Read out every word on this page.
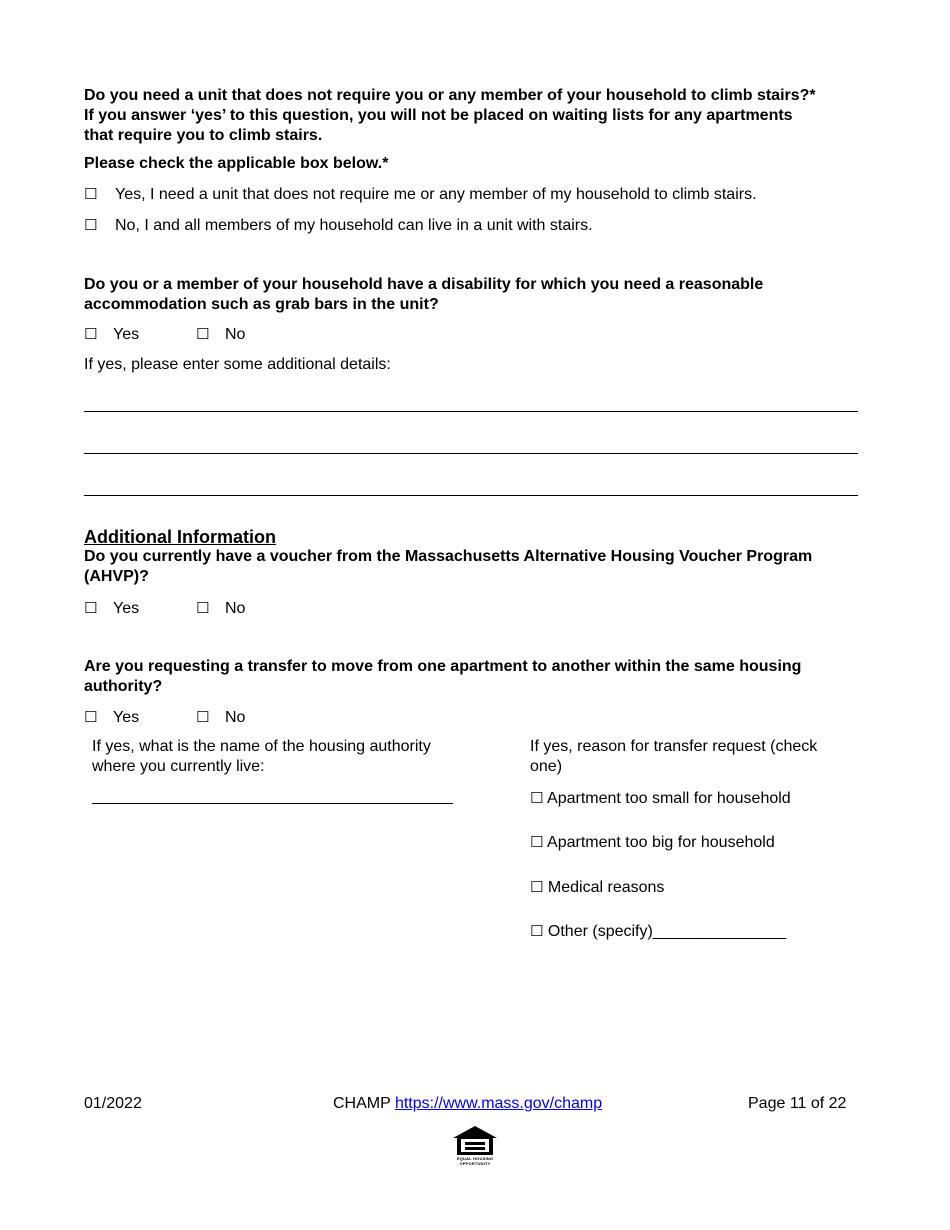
Do you need a unit that does not require you or any member of your household to climb stairs?*
If you answer ‘yes’ to this question, you will not be placed on waiting lists for any apartments
that require you to climb stairs.
Please check the applicable box below.*
☐ Yes, I need a unit that does not require me or any member of my household to climb stairs.
☐ No, I and all members of my household can live in a unit with stairs.
Do you or a member of your household have a disability for which you need a reasonable
accommodation such as grab bars in the unit?
☐ Yes	☐ No
If yes, please enter some additional details:
Additional Information
Do you currently have a voucher from the Massachusetts Alternative Housing Voucher Program
(AHVP)?
☐ Yes	☐ No
Are you requesting a transfer to move from one apartment to another within the same housing
authority?
☐ Yes	☐ No
If yes, what is the name of the housing authority
where you currently live:
If yes, reason for transfer request (check
one)
☐ Apartment too small for household
☐ Apartment too big for household
☐ Medical reasons
☐ Other (specify)_______________
01/2022	CHAMP https://www.mass.gov/champ	Page 11 of 22
EQUAL HOUSING OPPORTUNITY
